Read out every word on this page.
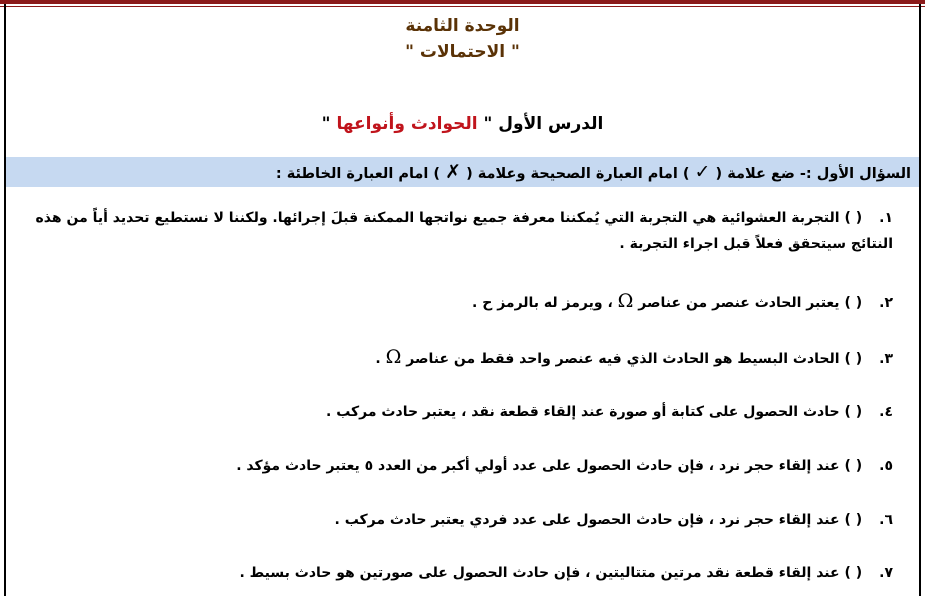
الوحدة الثامنة
" الاحتمالات "
الدرس الأول " الحوادث وأنواعها "
السؤال الأول :- ضع علامة ( ✓ ) امام العبارة الصحيحة وعلامة ( ✗ ) امام العبارة الخاطئة :
١. ( ) التجربة العشوائية هي التجربة التي يُمكننا معرفة جميع نواتجها الممكنة قبلَ إجرائها. ولكننا لا نستطيع تحديد أياً من هذه
النتائج سيتحقق فعلاً قبل اجراء التجربة .
٢. ( ) يعتبر الحادث عنصر من عناصر Ω ، ويرمز له بالرمز ح .
٣. ( ) الحادث البسيط هو الحادث الذي فيه عنصر واحد فقط من عناصر Ω .
٤. ( ) حادث الحصول على كتابة أو صورة عند إلقاء قطعة نقد ، يعتبر حادث مركب .
٥. ( ) عند إلقاء حجر نرد ، فإن حادث الحصول على عدد أولي أكبر من العدد ٥ يعتبر حادث مؤكد .
٦. ( ) عند إلقاء حجر نرد ، فإن حادث الحصول على عدد فردي يعتبر حادث مركب .
٧. ( ) عند إلقاء قطعة نقد مرتين متتاليتين ، فإن حادث الحصول على صورتين هو حادث بسيط .
